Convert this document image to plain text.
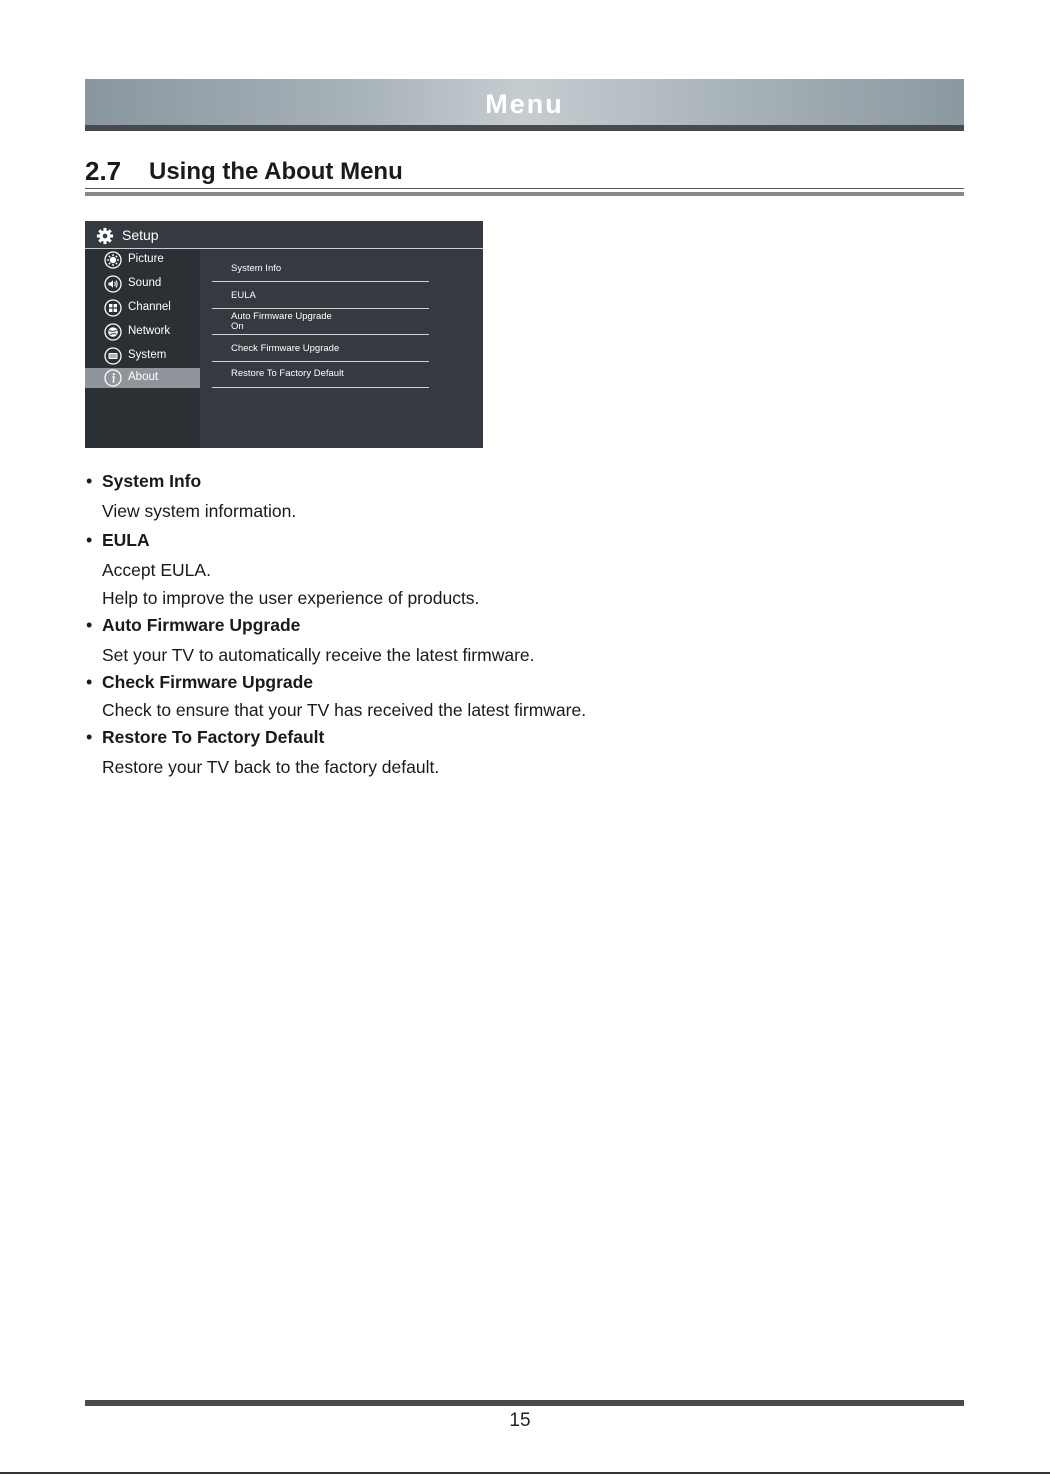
Menu
2.7 Using the About Menu
Setup
Picture
Sound
Channel
Network
System
About
System Info
EULA
Auto Firmware Upgrade
On
Check Firmware Upgrade
Restore To Factory Default
• System Info
View system information.
• EULA
Accept EULA.
Help to improve the user experience of products.
• Auto Firmware Upgrade
Set your TV to automatically receive the latest firmware.
• Check Firmware Upgrade
Check to ensure that your TV has received the latest firmware.
• Restore To Factory Default
Restore your TV back to the factory default.
15
